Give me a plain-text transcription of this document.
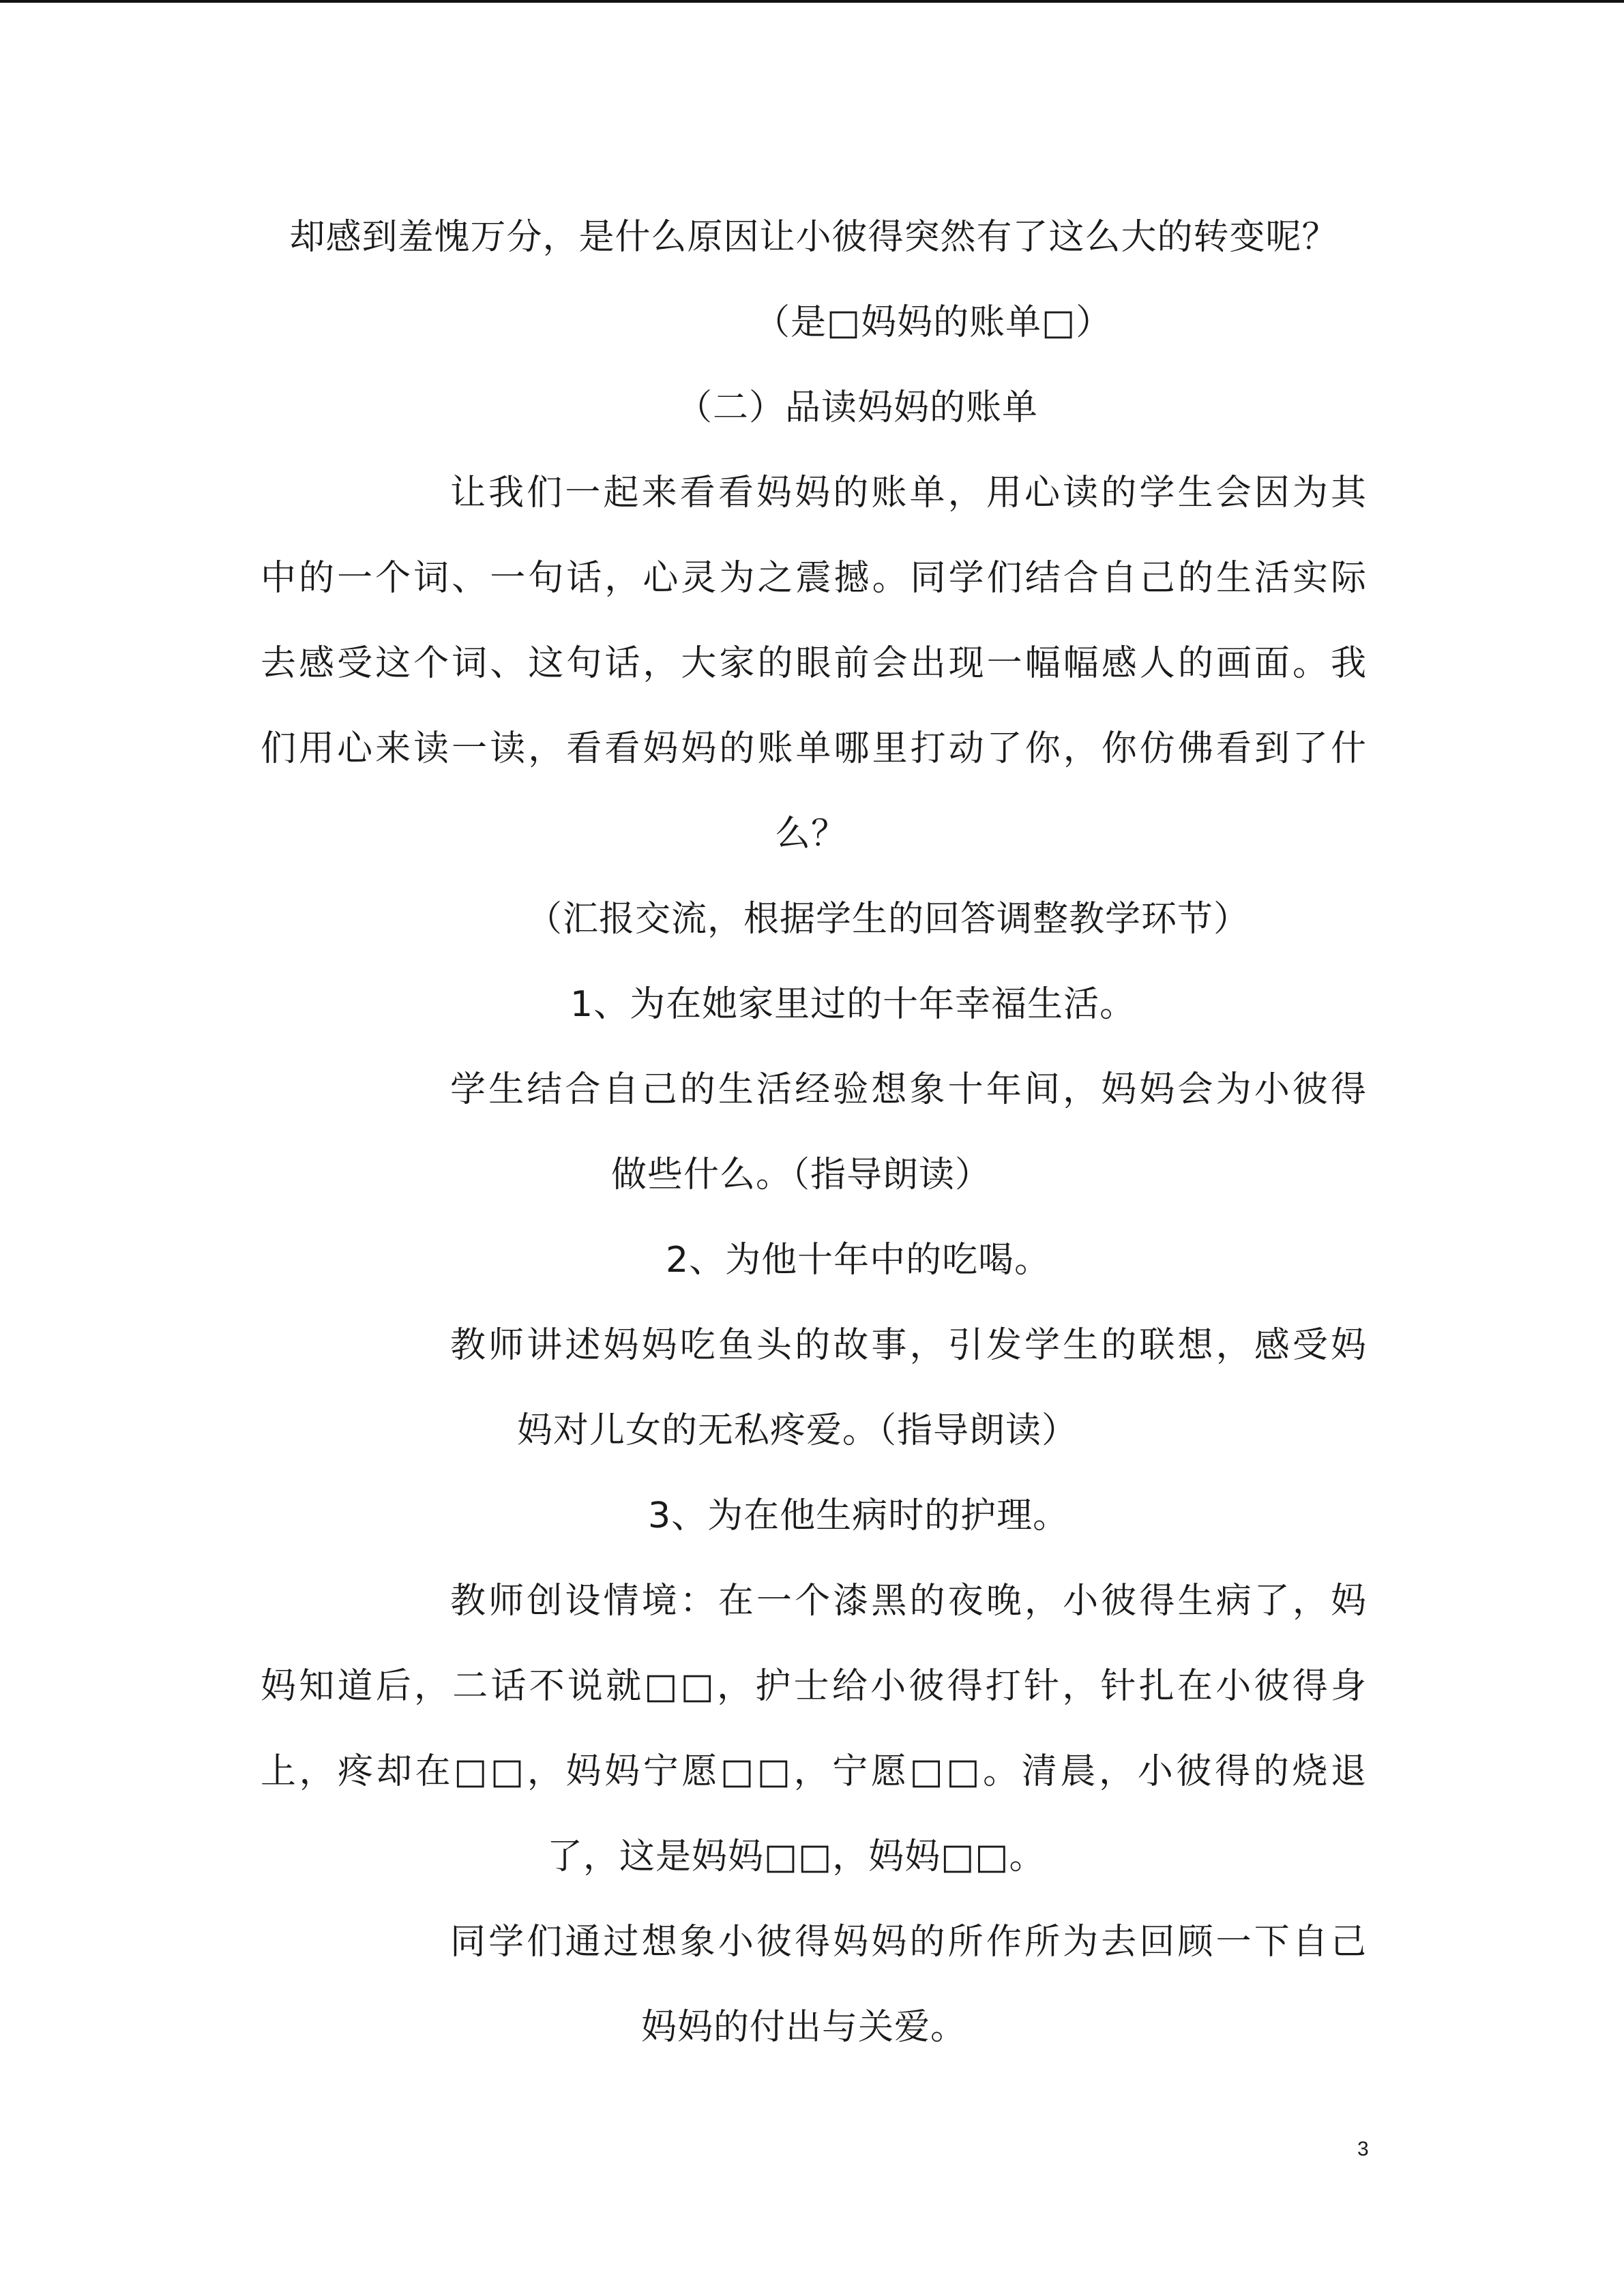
却感到羞愧万分，是什么原因让小彼得突然有了这么大的转变呢？
（是□妈妈的账单□）
（二）品读妈妈的账单
让我们一起来看看妈妈的账单，用心读的学生会因为其
中的一个词、一句话，心灵为之震撼。同学们结合自己的生活实际
去感受这个词、这句话，大家的眼前会出现一幅幅感人的画面。我
们用心来读一读，看看妈妈的账单哪里打动了你，你仿佛看到了什
么？
（汇报交流，根据学生的回答调整教学环节）
1、为在她家里过的十年幸福生活。
学生结合自己的生活经验想象十年间，妈妈会为小彼得
做些什么。（指导朗读）
2、为他十年中的吃喝。
教师讲述妈妈吃鱼头的故事，引发学生的联想，感受妈
妈对儿女的无私疼爱。（指导朗读）
3、为在他生病时的护理。
教师创设情境：在一个漆黑的夜晚，小彼得生病了，妈
妈知道后，二话不说就□□，护士给小彼得打针，针扎在小彼得身
上，疼却在□□，妈妈宁愿□□，宁愿□□。清晨，小彼得的烧退
了，这是妈妈□□，妈妈□□。
同学们通过想象小彼得妈妈的所作所为去回顾一下自己
妈妈的付出与关爱。
3
